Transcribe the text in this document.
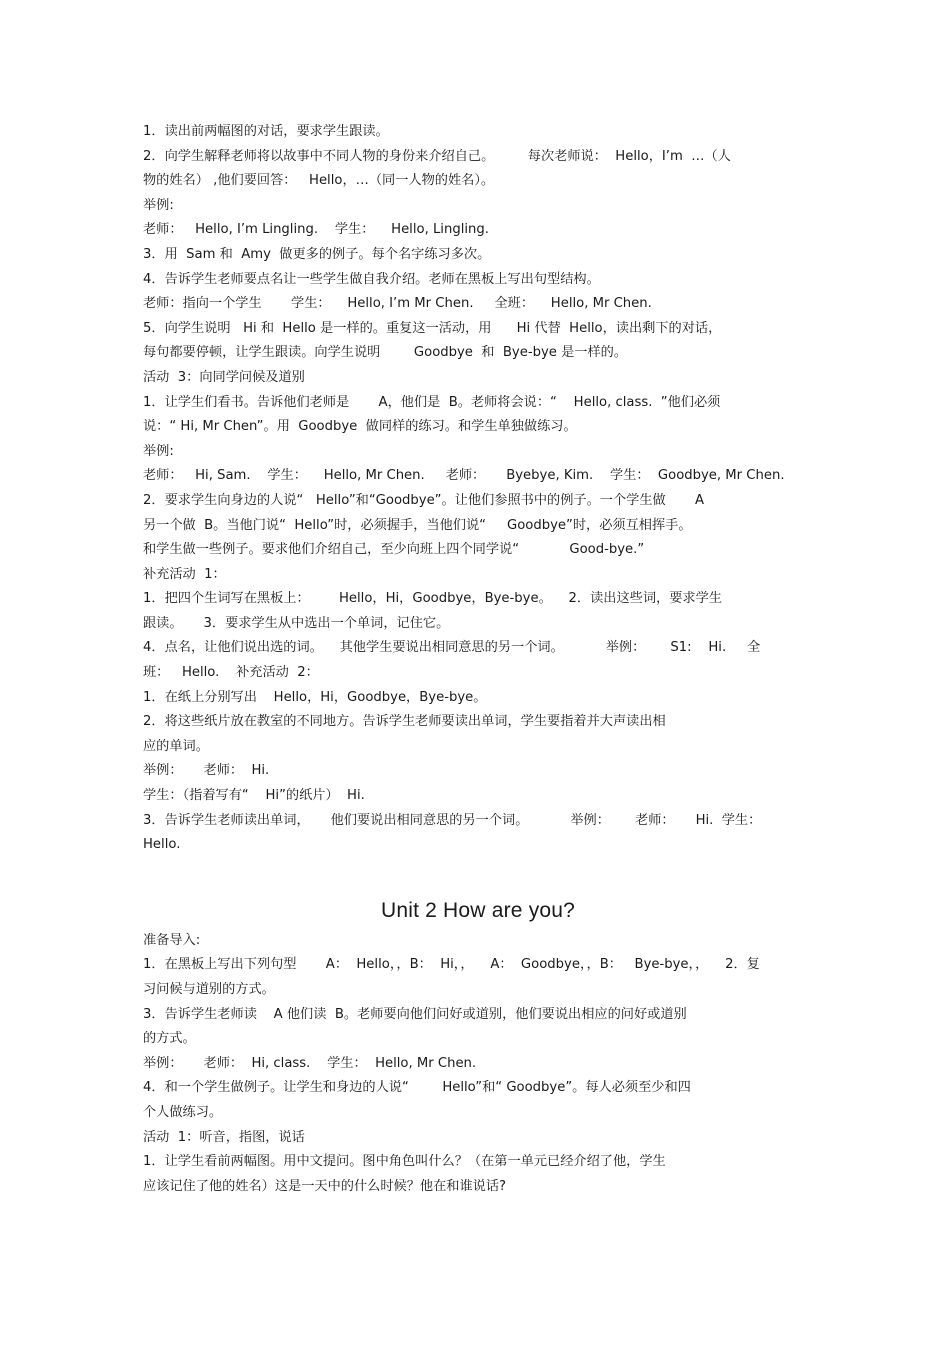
1．读出前两幅图的对话，要求学生跟读。

2．向学生解释老师将以故事中不同人物的身份来介绍自己。        每次老师说：  Hello，I’m  …（人

物的姓名） ,他们要回答：   Hello，…（同一人物的姓名）。

举例:

老师：   Hello, I’m Lingling.    学生：    Hello, Lingling.

3．用  Sam 和  Amy  做更多的例子。每个名字练习多次。

4．告诉学生老师要点名让一些学生做自我介绍。老师在黑板上写出句型结构。

老师：指向一个学生       学生：    Hello, I’m Mr Chen.     全班：    Hello, Mr Chen.

5．向学生说明   Hi 和  Hello 是一样的。重复这一活动，用      Hi 代替  Hello，读出剩下的对话，

每句都要停顿，让学生跟读。向学生说明        Goodbye  和  Bye-bye 是一样的。

活动  3：向同学问候及道别

1．让学生们看书。告诉他们老师是       A，他们是  B。老师将会说：“    Hello, class.  ”他们必须

说：“ Hi, Mr Chen”。用  Goodbye  做同样的练习。和学生单独做练习。

举例:

老师：   Hi, Sam.    学生：    Hello, Mr Chen.     老师：     Byebye, Kim.    学生：  Goodbye, Mr Chen.

2．要求学生向身边的人说“   Hello”和“Goodbye”。让他们参照书中的例子。一个学生做       A

另一个做  B。当他门说“  Hello”时，必须握手，当他们说“     Goodbye”时，必须互相挥手。

和学生做一些例子。要求他们介绍自己，至少向班上四个同学说“            Good-bye.”

补充活动  1：

1．把四个生词写在黑板上：       Hello，Hi，Goodbye，Bye-bye。    2．读出这些词，要求学生

跟读。     3．要求学生从中选出一个单词，记住它。

4．点名，让他们说出选的词。    其他学生要说出相同意思的另一个词。          举例：      S1:    Hi.     全

班：   Hello.    补充活动  2：

1．在纸上分别写出    Hello，Hi，Goodbye，Bye-bye。

2．将这些纸片放在教室的不同地方。告诉学生老师要读出单词，学生要指着并大声读出相

应的单词。

举例：     老师：  Hi.

学生：（指着写有“    Hi”的纸片）  Hi.

3．告诉学生老师读出单词，     他们要说出相同意思的另一个词。          举例：      老师：     Hi.  学生：

Hello.

Unit 2 How are you?

准备导入:

1．在黑板上写出下列句型       A：  Hello，，B：  Hi，，    A：  Goodbye，，B：   Bye-bye，，    2．复

习问候与道别的方式。

3．告诉学生老师读    A 他们读  B。老师要向他们问好或道别，他们要说出相应的问好或道别

的方式。

举例：     老师：  Hi, class.    学生：  Hello, Mr Chen.

4．和一个学生做例子。让学生和身边的人说“        Hello”和“ Goodbye”。每人必须至少和四

个人做练习。

活动  1：听音，指图，说话

1．让学生看前两幅图。用中文提问。图中角色叫什么？（在第一单元已经介绍了他，学生

应该记住了他的姓名）这是一天中的什么时候？他在和谁说话?
